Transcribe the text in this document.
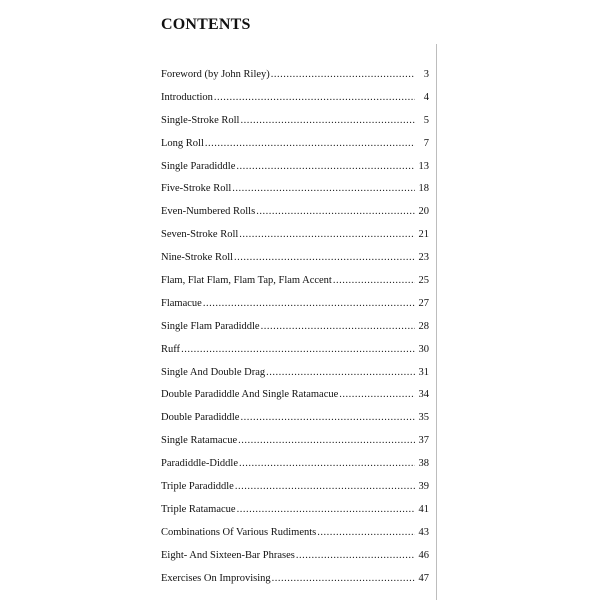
CONTENTS
Foreword (by John Riley) .....	3
Introduction .....	4
Single-Stroke Roll .....	5
Long Roll .....	7
Single Paradiddle .....	13
Five-Stroke Roll .....	18
Even-Numbered Rolls .....	20
Seven-Stroke Roll .....	21
Nine-Stroke Roll .....	23
Flam, Flat Flam, Flam Tap, Flam Accent .....	25
Flamacue .....	27
Single Flam Paradiddle .....	28
Ruff .....	30
Single And Double Drag .....	31
Double Paradiddle And Single Ratamacue .....	34
Double Paradiddle .....	35
Single Ratamacue .....	37
Paradiddle-Diddle .....	38
Triple Paradiddle .....	39
Triple Ratamacue .....	41
Combinations Of Various Rudiments .....	43
Eight- And Sixteen-Bar Phrases .....	46
Exercises On Improvising .....	47
